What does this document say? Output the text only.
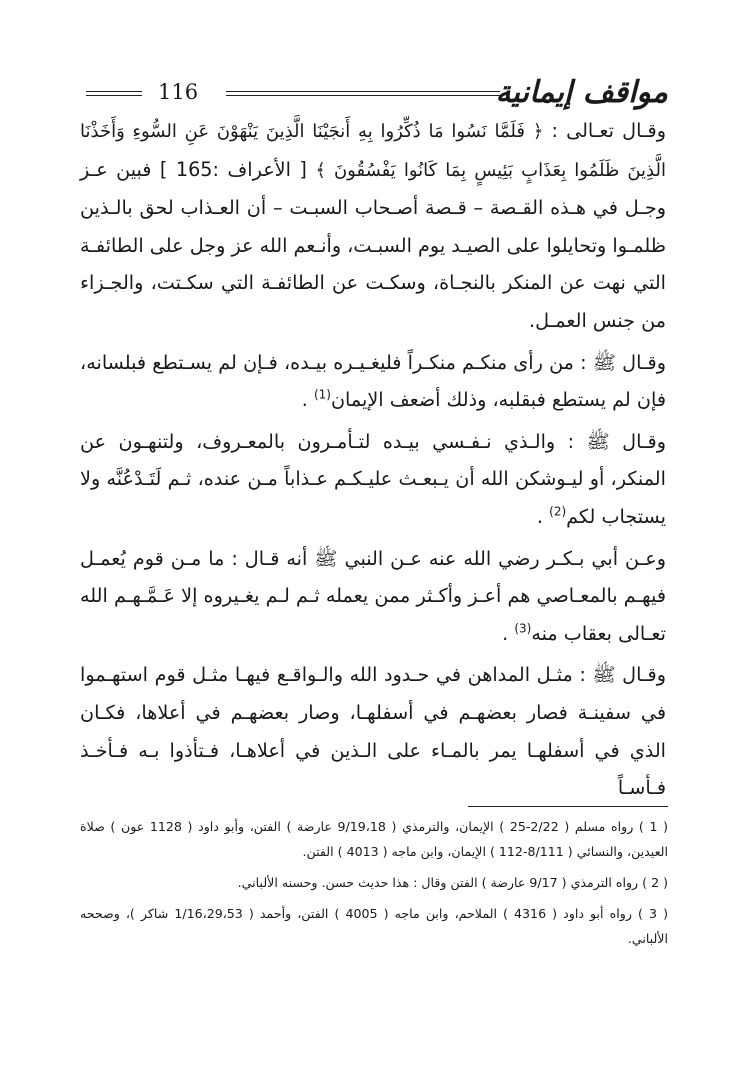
مواقف إيمانية
116

وقـال تعـالى : ﴿ فَلَمَّا نَسُوا مَا ذُكِّرُوا بِهِ أَنجَيْنَا الَّذِينَ يَنْهَوْنَ عَنِ السُّوءِ وَأَخَذْنَا الَّذِينَ ظَلَمُوا بِعَذَابٍ بَئِيسٍ بِمَا كَانُوا يَفْسُقُونَ ﴾ [ الأعراف :165 ] فبين عـز وجـل في هـذه القـصة – قـصة أصـحاب السبـت – أن العـذاب لحق بالـذين ظلمـوا وتحايلوا على الصيـد يوم السبـت، وأنـعم الله عز وجل على الطائفـة التي نهت عن المنكر بالنجـاة، وسكـت عن الطائفـة التي سكـتت، والجـزاء من جنس العمـل.

وقـال ﷺ : من رأى منكـم منكـراً فليغـيـره بيـده، فـإن لم يسـتطع فبلسانه، فإن لم يستطع فبقلبه، وذلك أضعف الإيمان$^{(1)}$ .

وقـال ﷺ : والـذي نـفـسي بيـده لتـأمـرون بالمعـروف، ولتنهـون عن المنكر، أو ليـوشكن الله أن يـبعـث عليـكـم عـذاباً مـن عنده، ثـم لَتَـدْعُنَّه ولا يستجاب لكم$^{(2)}$ .

وعـن أبي بـكـر رضي الله عنه عـن النبي ﷺ أنه قـال : ما مـن قوم يُعمـل فيهـم بالمعـاصي هم أعـز وأكـثر ممن يعمله ثـم لـم يغـيروه إلا عَـمَّـهـم الله تعـالى بعقاب منه$^{(3)}$ .

وقـال ﷺ : مثـل المداهن في حـدود الله والـواقـع فيهـا مثـل قوم استهـموا في سفينـة فصار بعضهـم في أسفلهـا، وصار بعضهـم في أعلاها، فكـان الذي في أسفلهـا يمر بالمـاء على الـذين في أعلاهـا، فـتأذوا بـه فـأخـذ فـأسـاً

( 1 ) رواه مسلم ( 2/22-25 ) الإيمان، والترمذي ( 9/19،18 عارضة ) الفتن، وأبو داود ( 1128 عون ) صلاة العيدين، والنسائي ( 8/111-112 ) الإيمان، وابن ماجه ( 4013 ) الفتن.

( 2 ) رواه الترمذي ( 9/17 عارضة ) الفتن وقال : هذا حديث حسن. وحسنه الألباني.

( 3 ) رواه أبو داود ( 4316 ) الملاحم، وابن ماجه ( 4005 ) الفتن، وأحمد ( 1/16،29،53 شاكر )، وصححه الألباني.
